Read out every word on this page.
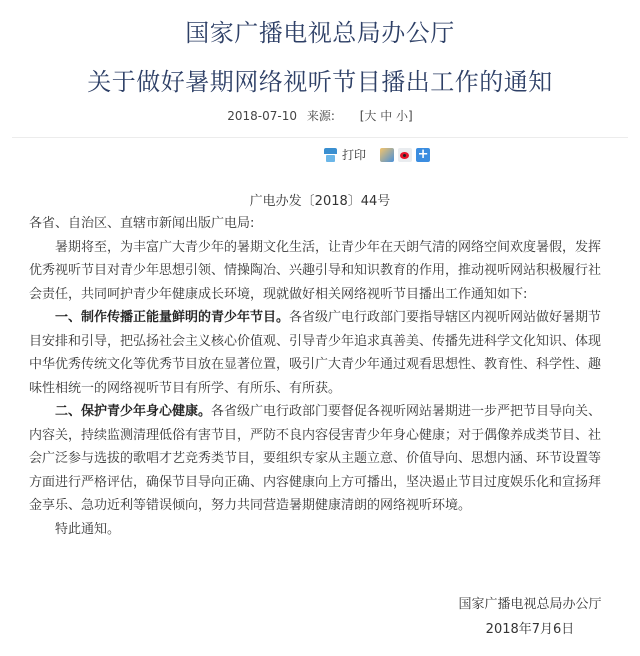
国家广播电视总局办公厅
关于做好暑期网络视听节目播出工作的通知
2018-07-10 来源: [大 中 小]
打印	+
广电办发〔2018〕44号

各省、自治区、直辖市新闻出版广电局:

暑期将至，为丰富广大青少年的暑期文化生活，让青少年在天朗气清的网络空间欢度暑假，发挥优秀视听节目对青少年思想引领、情操陶冶、兴趣引导和知识教育的作用，推动视听网站积极履行社会责任，共同呵护青少年健康成长环境，现就做好相关网络视听节目播出工作通知如下:

一、制作传播正能量鲜明的青少年节目。各省级广电行政部门要指导辖区内视听网站做好暑期节目安排和引导，把弘扬社会主义核心价值观、引导青少年追求真善美、传播先进科学文化知识、体现中华优秀传统文化等优秀节目放在显著位置，吸引广大青少年通过观看思想性、教育性、科学性、趣味性相统一的网络视听节目有所学、有所乐、有所获。

二、保护青少年身心健康。各省级广电行政部门要督促各视听网站暑期进一步严把节目导向关、内容关，持续监测清理低俗有害节目，严防不良内容侵害青少年身心健康；对于偶像养成类节目、社会广泛参与选拔的歌唱才艺竞秀类节目，要组织专家从主题立意、价值导向、思想内涵、环节设置等方面进行严格评估，确保节目导向正确、内容健康向上方可播出，坚决遏止节目过度娱乐化和宣扬拜金享乐、急功近利等错误倾向，努力共同营造暑期健康清朗的网络视听环境。

特此通知。

国家广播电视总局办公厅
2018年7月6日
